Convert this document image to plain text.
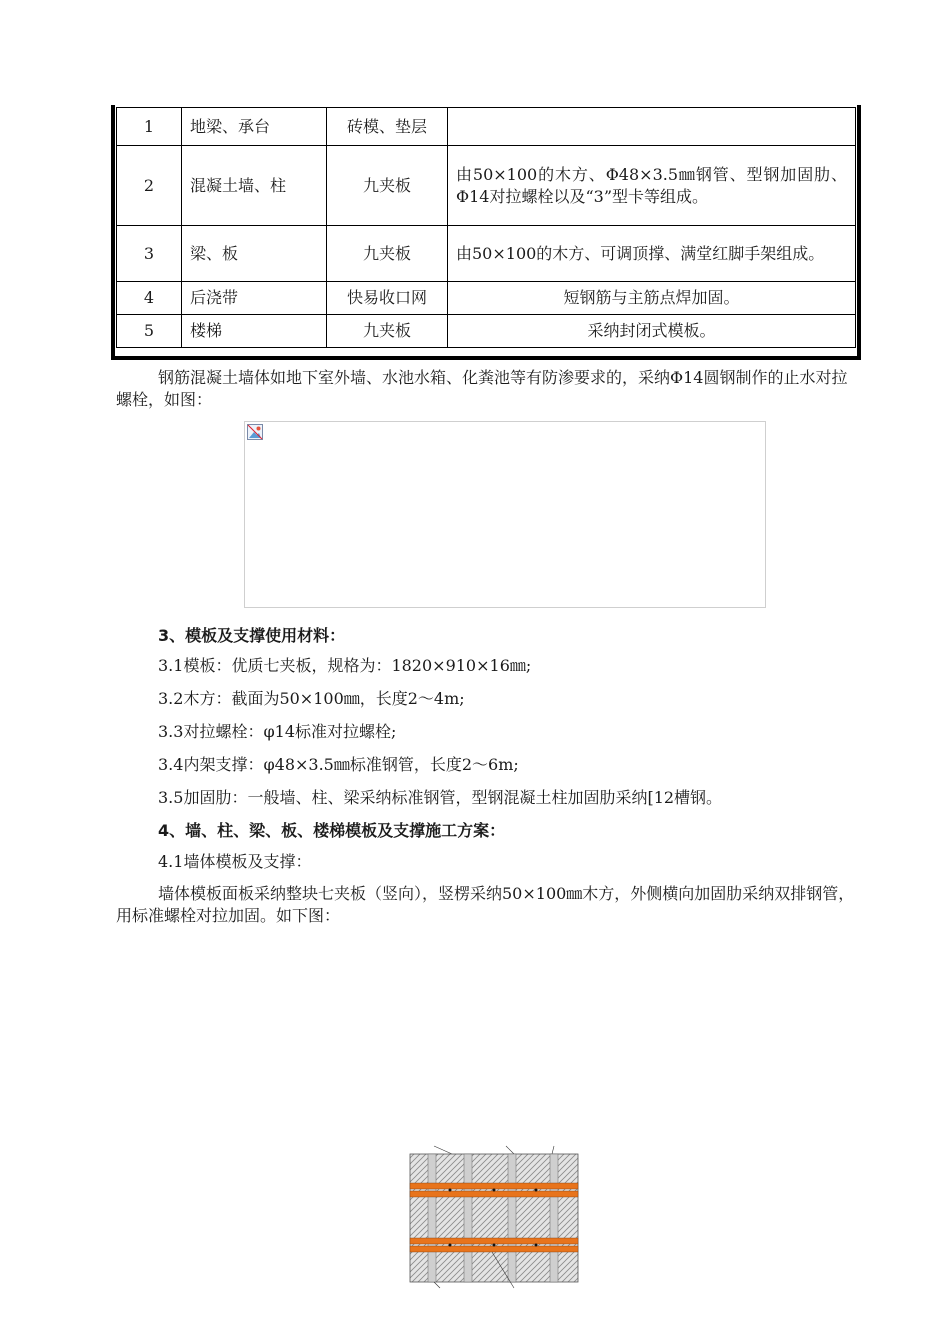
1	地梁、承台	砖模、垫层	
2	混凝土墙、柱	九夹板	由50×100的木方、Φ48×3.5㎜钢管、型钢加固肋、Φ14对拉螺栓以及“3”型卡等组成。
3	梁、板	九夹板	由50×100的木方、可调顶撑、满堂红脚手架组成。
4	后浇带	快易收口网	短钢筋与主筋点焊加固。
5	楼梯	九夹板	采纳封闭式模板。

钢筋混凝土墙体如地下室外墙、水池水箱、化粪池等有防渗要求的，采纳Φ14圆钢制作的止水对拉螺栓，如图：

3、模板及支撑使用材料：
3.1模板：优质七夹板，规格为：1820×910×16㎜;
3.2木方：截面为50×100㎜，长度2～4m;
3.3对拉螺栓：φ14标准对拉螺栓;
3.4内架支撑：φ48×3.5㎜标准钢管，长度2～6m;
3.5加固肋：一般墙、柱、梁采纳标准钢管，型钢混凝土柱加固肋采纳[12槽钢。
4、墙、柱、梁、板、楼梯模板及支撑施工方案：
4.1墙体模板及支撑：

墙体模板面板采纳整块七夹板（竖向），竖楞采纳50×100㎜木方，外侧横向加固肋采纳双排钢管，用标准螺栓对拉加固。如下图：
